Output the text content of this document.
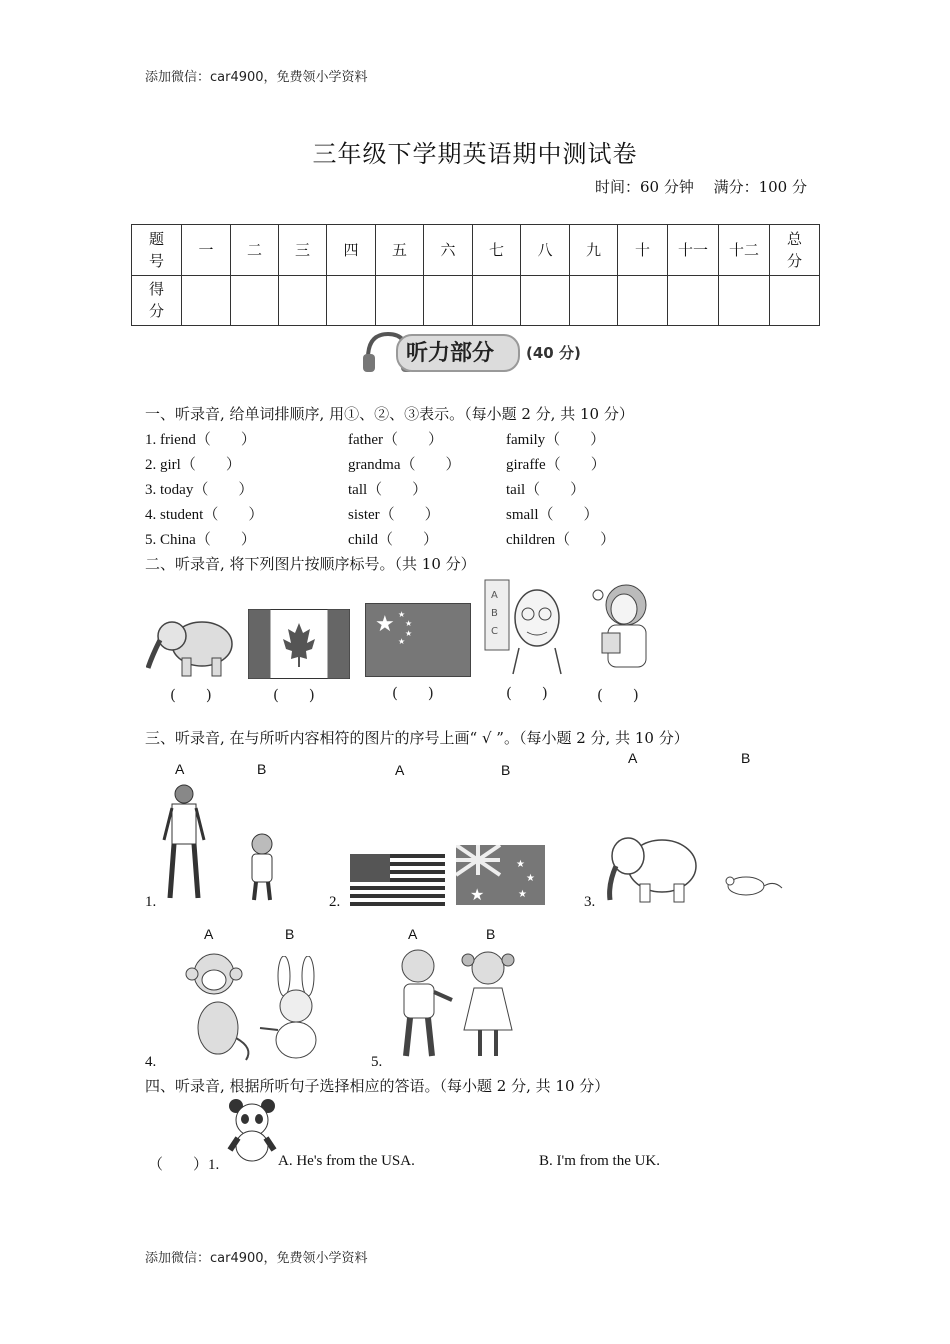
添加微信：car4900，免费领小学资料
三年级下学期英语期中测试卷
时间：60 分钟　 满分：100 分
题号	一	二	三	四	五	六	七	八	九	十	十一	十二	总分
得分													
听力部分 (40 分)
一、听录音, 给单词排顺序, 用①、②、③表示。（每小题 2 分, 共 10 分）
1. friend（　　）	father（　　）	family（　　）
2. girl（　　）	grandma（　　）	giraffe（　　）
3. today（　　）	tall（　　）	tail（　　）
4. student（　　）	sister（　　）	small（　　）
5. China（　　）	child（　　）	children（　　）
二、听录音, 将下列图片按顺序标号。（共 10 分）
★ ★
★
★
★
A
B
C
(　　)	(　　)	(　　)	(　　)	(　　)
三、听录音, 在与所听内容相符的图片的序号上画“ √ ”。（每小题 2 分, 共 10 分）
A	B
1.
A	B
2.	★
★
★
★
A	B
3.
A	B
4.
A	B
5.
四、听录音, 根据所听句子选择相应的答语。（每小题 2 分, 共 10 分）
（　　）1.	A. He's from the USA.	B. I'm from the UK.
添加微信：car4900，免费领小学资料
